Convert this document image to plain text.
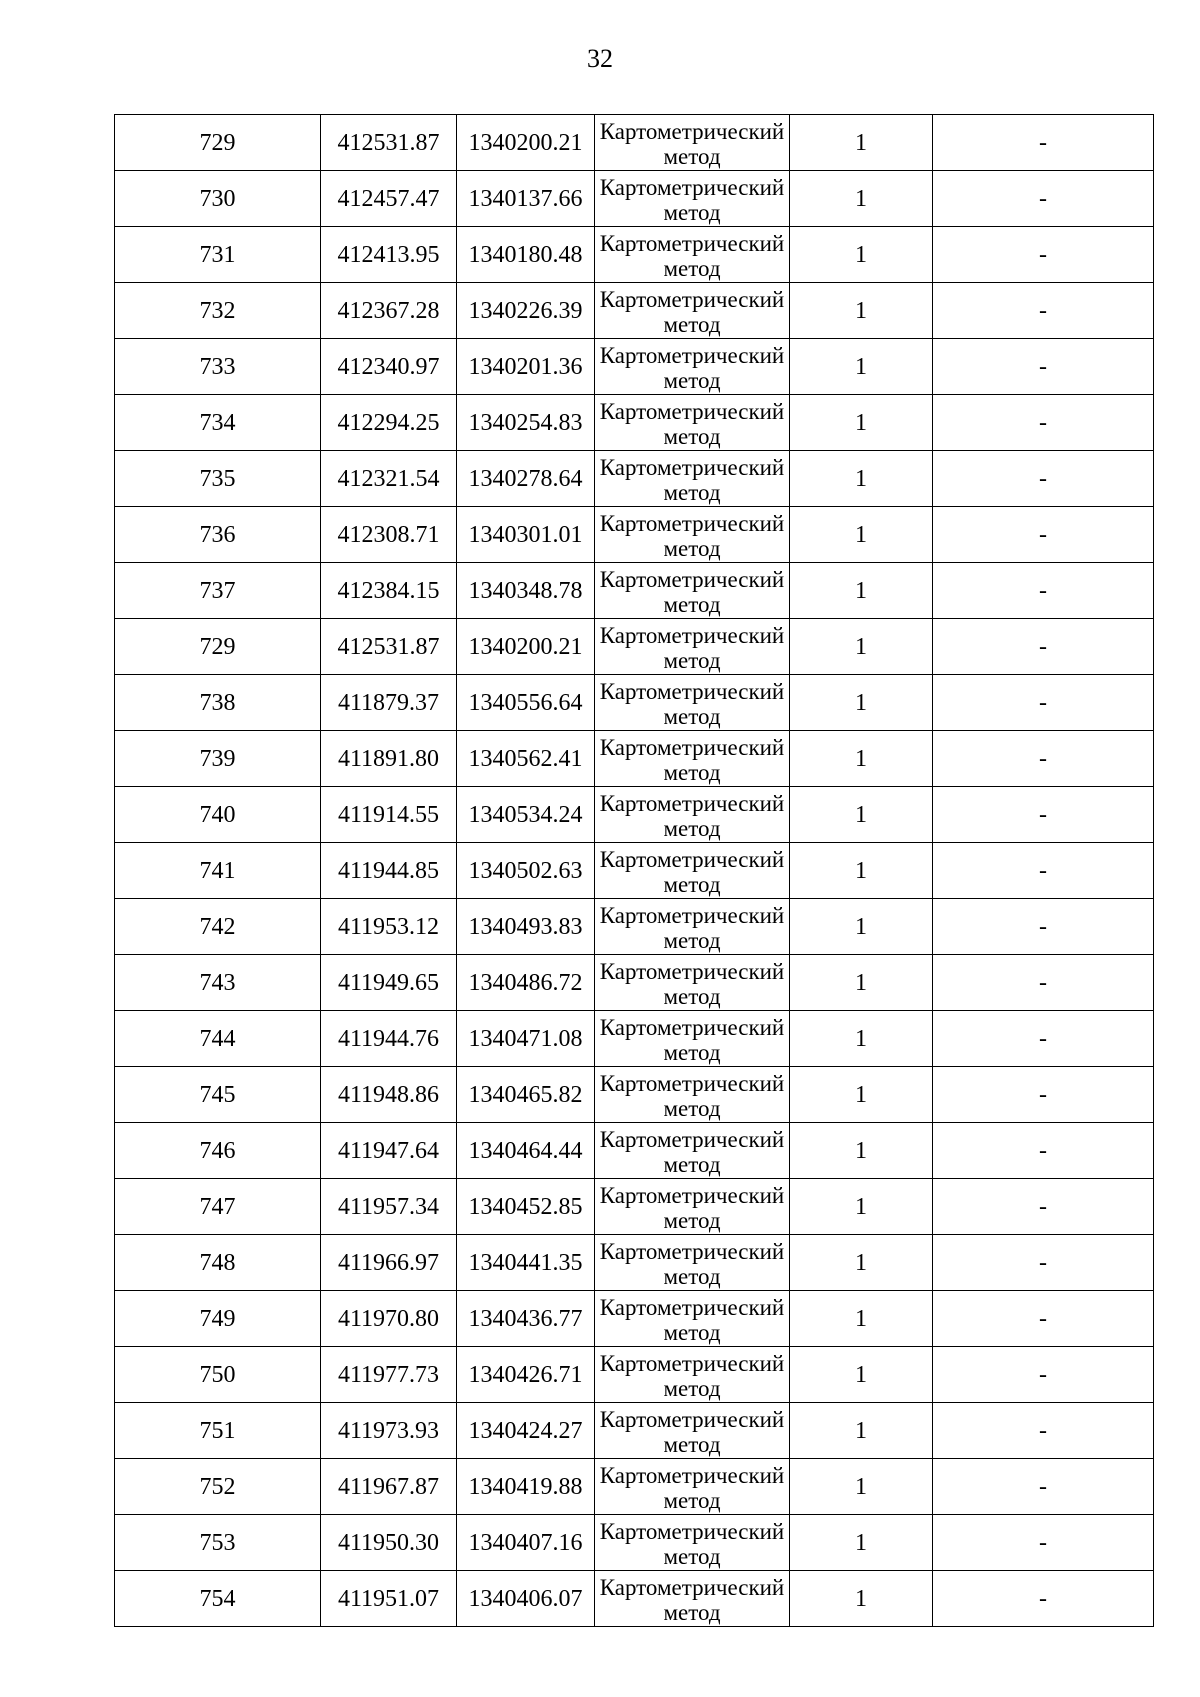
32
729	412531.87	1340200.21	Картометрический
метод	1	-
730	412457.47	1340137.66	Картометрический
метод	1	-
731	412413.95	1340180.48	Картометрический
метод	1	-
732	412367.28	1340226.39	Картометрический
метод	1	-
733	412340.97	1340201.36	Картометрический
метод	1	-
734	412294.25	1340254.83	Картометрический
метод	1	-
735	412321.54	1340278.64	Картометрический
метод	1	-
736	412308.71	1340301.01	Картометрический
метод	1	-
737	412384.15	1340348.78	Картометрический
метод	1	-
729	412531.87	1340200.21	Картометрический
метод	1	-
738	411879.37	1340556.64	Картометрический
метод	1	-
739	411891.80	1340562.41	Картометрический
метод	1	-
740	411914.55	1340534.24	Картометрический
метод	1	-
741	411944.85	1340502.63	Картометрический
метод	1	-
742	411953.12	1340493.83	Картометрический
метод	1	-
743	411949.65	1340486.72	Картометрический
метод	1	-
744	411944.76	1340471.08	Картометрический
метод	1	-
745	411948.86	1340465.82	Картометрический
метод	1	-
746	411947.64	1340464.44	Картометрический
метод	1	-
747	411957.34	1340452.85	Картометрический
метод	1	-
748	411966.97	1340441.35	Картометрический
метод	1	-
749	411970.80	1340436.77	Картометрический
метод	1	-
750	411977.73	1340426.71	Картометрический
метод	1	-
751	411973.93	1340424.27	Картометрический
метод	1	-
752	411967.87	1340419.88	Картометрический
метод	1	-
753	411950.30	1340407.16	Картометрический
метод	1	-
754	411951.07	1340406.07	Картометрический
метод	1	-
